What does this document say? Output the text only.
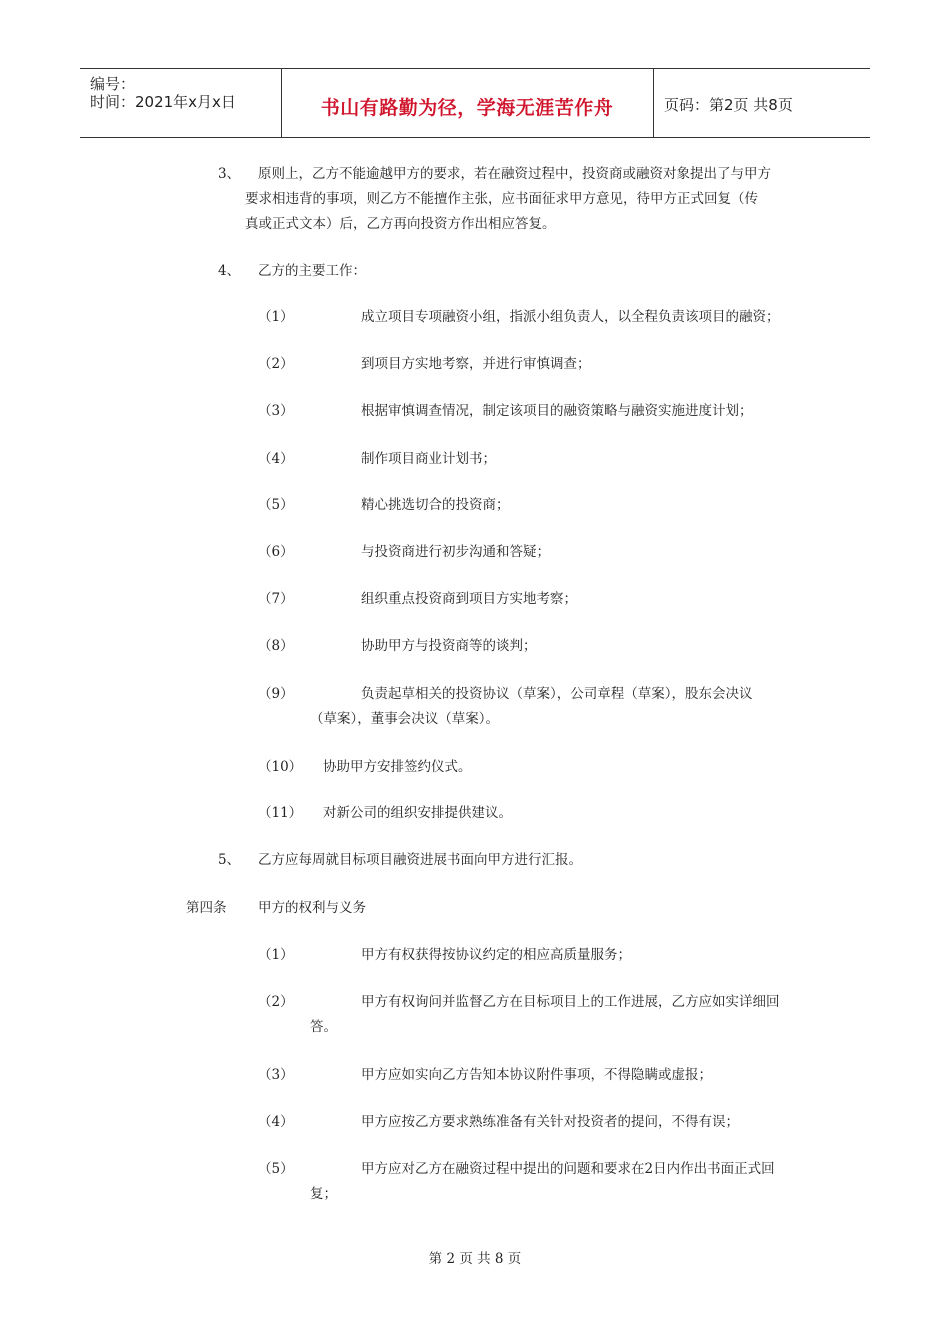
编号：
时间：2021年x月x日	书山有路勤为径，学海无涯苦作舟	页码：第2页 共8页
3、 原则上，乙方不能逾越甲方的要求，若在融资过程中，投资商或融资对象提出了与甲方
要求相违背的事项，则乙方不能擅作主张，应书面征求甲方意见，待甲方正式回复（传
真或正式文本）后，乙方再向投资方作出相应答复。
4、 乙方的主要工作：
（1）	成立项目专项融资小组，指派小组负责人，以全程负责该项目的融资；
（2）	到项目方实地考察，并进行审慎调查；
（3）	根据审慎调查情况，制定该项目的融资策略与融资实施进度计划；
（4）	制作项目商业计划书；
（5）	精心挑选切合的投资商；
（6）	与投资商进行初步沟通和答疑；
（7）	组织重点投资商到项目方实地考察；
（8）	协助甲方与投资商等的谈判；
（9）	负责起草相关的投资协议（草案），公司章程（草案），股东会决议
（草案），董事会决议（草案）。
（10） 协助甲方安排签约仪式。
（11） 对新公司的组织安排提供建议。
5、 乙方应每周就目标项目融资进展书面向甲方进行汇报。
第四条 甲方的权利与义务
（1）	甲方有权获得按协议约定的相应高质量服务；
（2）	甲方有权询问并监督乙方在目标项目上的工作进展，乙方应如实详细回
答。
（3）	甲方应如实向乙方告知本协议附件事项，不得隐瞒或虚报；
（4）	甲方应按乙方要求熟练准备有关针对投资者的提问，不得有误；
（5）	甲方应对乙方在融资过程中提出的问题和要求在2日内作出书面正式回
复；
第 2 页 共 8 页
